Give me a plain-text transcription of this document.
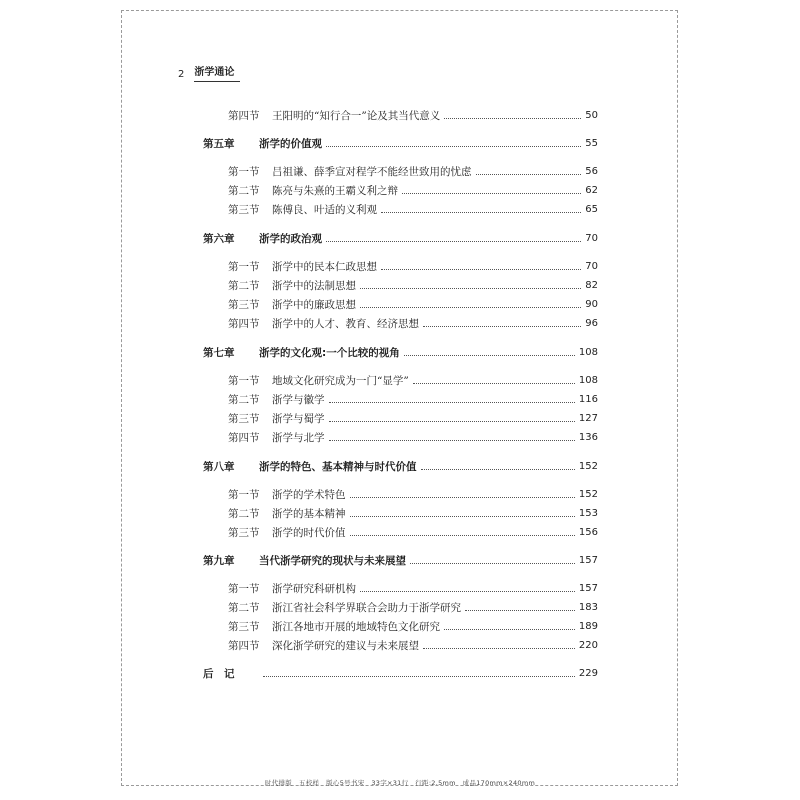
2 浙学通论
第四节	王阳明的“知行合一”论及其当代意义	50
第五章	浙学的价值观	55
第一节	吕祖谦、薛季宣对程学不能经世致用的忧虑	56
第二节	陈亮与朱熹的王霸义利之辩	62
第三节	陈傅良、叶适的义利观	65
第六章	浙学的政治观	70
第一节	浙学中的民本仁政思想	70
第二节	浙学中的法制思想	82
第三节	浙学中的廉政思想	90
第四节	浙学中的人才、教育、经济思想	96
第七章	浙学的文化观:一个比较的视角	108
第一节	地域文化研究成为一门“显学”	108
第二节	浙学与徽学	116
第三节	浙学与蜀学	127
第四节	浙学与北学	136
第八章	浙学的特色、基本精神与时代价值	152
第一节	浙学的学术特色	152
第二节	浙学的基本精神	153
第三节	浙学的时代价值	156
第九章	当代浙学研究的现状与未来展望	157
第一节	浙学研究科研机构	157
第二节	浙江省社会科学界联合会助力于浙学研究	183
第三节	浙江各地市开展的地域特色文化研究	189
第四节	深化浙学研究的建议与未来展望	220
后　记	229
时代排版　五校样　版心5号书宋　33字×31行　行距:2.5mm　成品170mm×240mm
